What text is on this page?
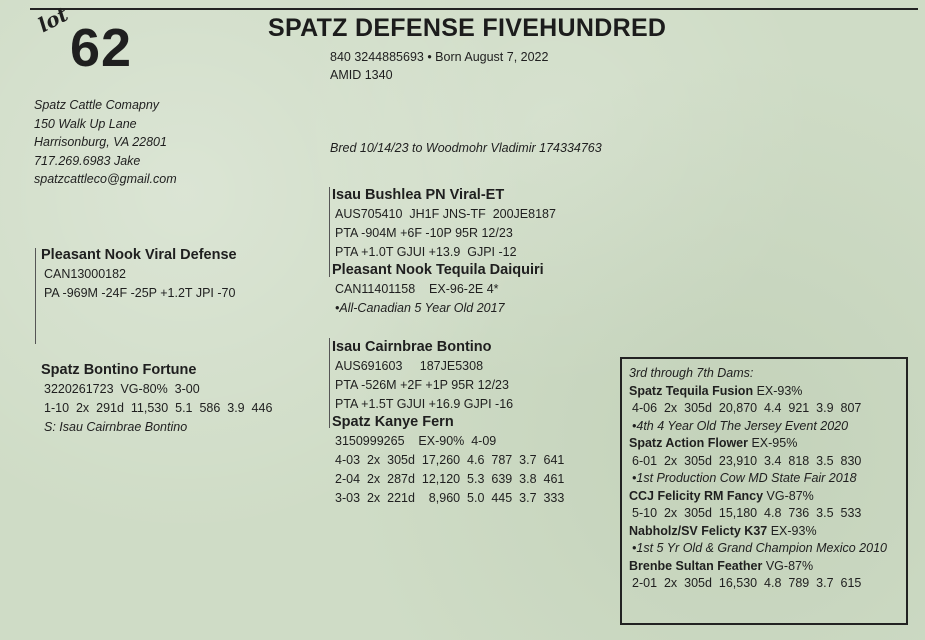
lot
62	SPATZ DEFENSE FIVEHUNDRED
840 3244885693 • Born August 7, 2022
AMID 1340
Bred 10/14/23 to Woodmohr Vladimir 174334763
Spatz Cattle Comapny
150 Walk Up Lane
Harrisonburg, VA 22801
717.269.6983 Jake
spatzcattleco@gmail.com
Pleasant Nook Viral Defense
CAN13000182
PA -969M -24F -25P +1.2T JPI -70
Spatz Bontino Fortune
3220261723  VG-80%  3-00
1-10  2x  291d  11,530  5.1  586  3.9  446
S: Isau Cairnbrae Bontino
Isau Bushlea PN Viral-ET
AUS705410  JH1F JNS-TF  200JE8187
PTA -904M +6F -10P 95R 12/23
PTA +1.0T GJUI +13.9  GJPI -12
Pleasant Nook Tequila Daiquiri
CAN11401158    EX-96-2E 4*
•All-Canadian 5 Year Old 2017
Isau Cairnbrae Bontino
AUS691603     187JE5308
PTA -526M +2F +1P 95R 12/23
PTA +1.5T GJUI +16.9 GJPI -16
Spatz Kanye Fern
3150999265    EX-90%  4-09
4-03  2x  305d  17,260  4.6  787  3.7  641
2-04  2x  287d  12,120  5.3  639  3.8  461
3-03  2x  221d    8,960  5.0  445  3.7  333
3rd through 7th Dams:
Spatz Tequila Fusion EX-93%
4-06  2x  305d  20,870  4.4  921  3.9  807
•4th 4 Year Old The Jersey Event 2020
Spatz Action Flower EX-95%
6-01  2x  305d  23,910  3.4  818  3.5  830
•1st Production Cow MD State Fair 2018
CCJ Felicity RM Fancy VG-87%
5-10  2x  305d  15,180  4.8  736  3.5  533
Nabholz/SV Felicty K37 EX-93%
•1st 5 Yr Old & Grand Champion Mexico 2010
Brenbe Sultan Feather VG-87%
2-01  2x  305d  16,530  4.8  789  3.7  615
